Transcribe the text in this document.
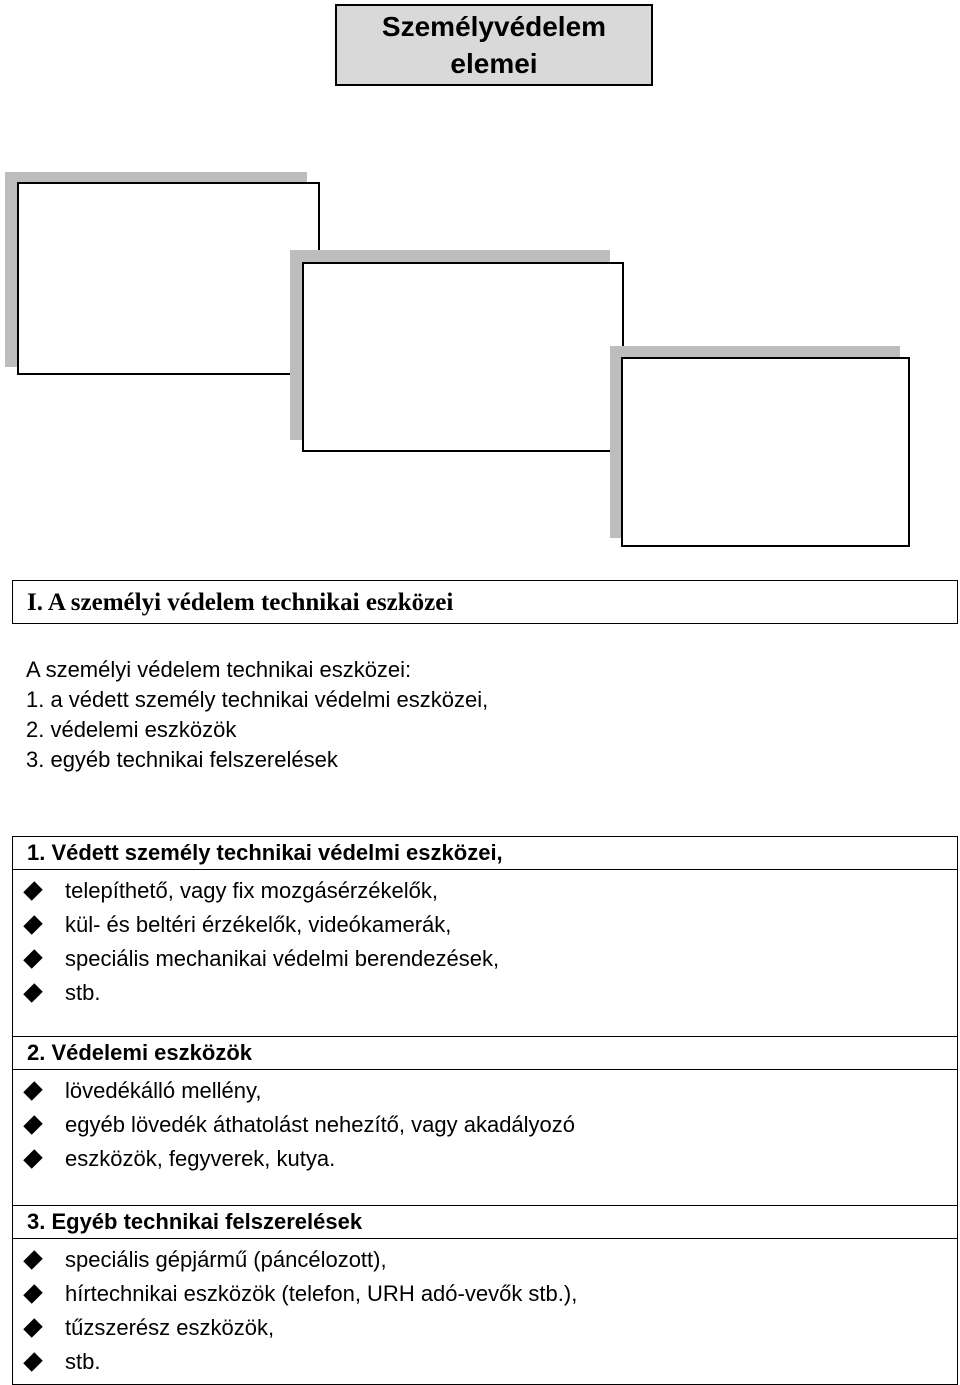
Személyvédelem elemei
I. A személyi védelem technikai eszközei
A személyi védelem technikai eszközei:
1. a védett személy technikai védelmi eszközei,
2. védelemi eszközök
3. egyéb technikai felszerelések
1. Védett személy technikai védelmi eszközei,
telepíthető, vagy fix mozgásérzékelők,
kül- és beltéri érzékelők, videókamerák,
speciális mechanikai védelmi berendezések,
stb.
2. Védelemi eszközök
lövedékálló mellény,
egyéb lövedék áthatolást nehezítő, vagy akadályozó
eszközök, fegyverek, kutya.
3. Egyéb technikai felszerelések
speciális gépjármű (páncélozott),
hírtechnikai eszközök (telefon, URH adó-vevők stb.),
tűzszerész eszközök,
stb.
